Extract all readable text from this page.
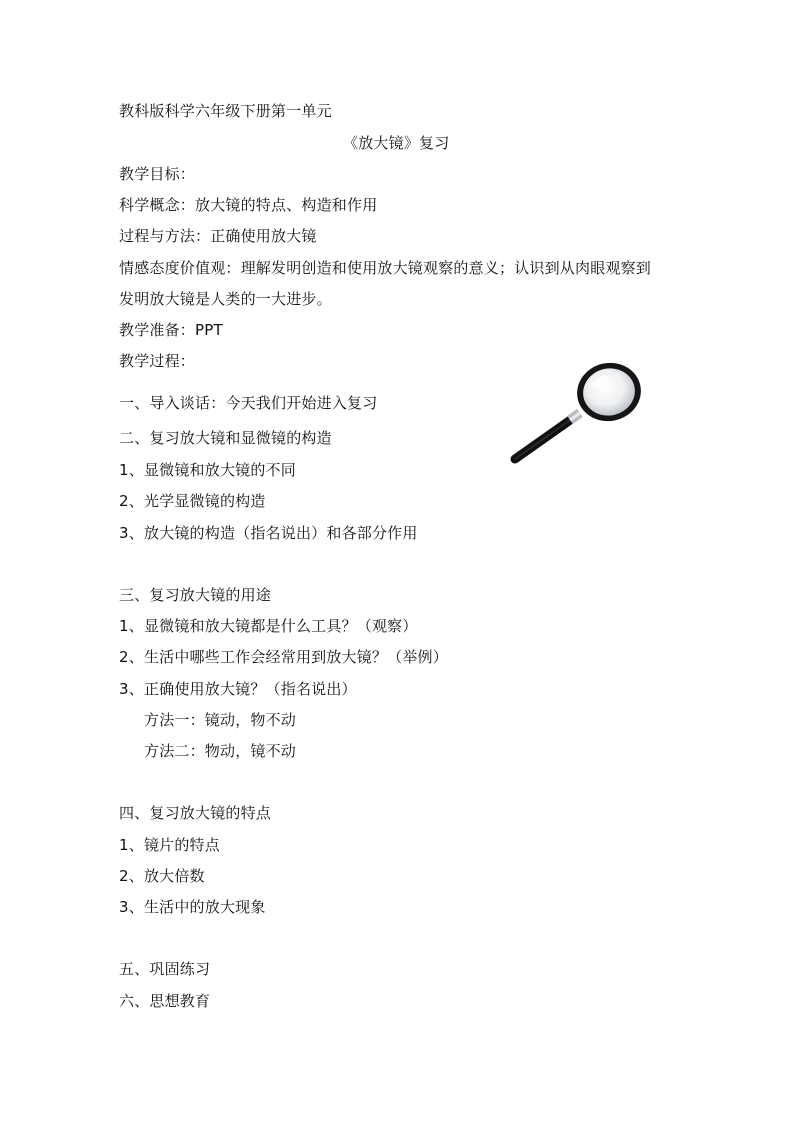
教科版科学六年级下册第一单元
《放大镜》复习
教学目标：
科学概念：放大镜的特点、构造和作用
过程与方法：正确使用放大镜
情感态度价值观：理解发明创造和使用放大镜观察的意义；认识到从肉眼观察到
发明放大镜是人类的一大进步。
教学准备：PPT
教学过程：
一、导入谈话：今天我们开始进入复习
二、复习放大镜和显微镜的构造
1、显微镜和放大镜的不同
2、光学显微镜的构造
3、放大镜的构造（指名说出）和各部分作用
三、复习放大镜的用途
1、显微镜和放大镜都是什么工具？（观察）
2、生活中哪些工作会经常用到放大镜？（举例）
3、正确使用放大镜？（指名说出）
方法一：镜动，物不动
方法二：物动，镜不动
四、复习放大镜的特点
1、镜片的特点
2、放大倍数
3、生活中的放大现象
五、巩固练习
六、思想教育
